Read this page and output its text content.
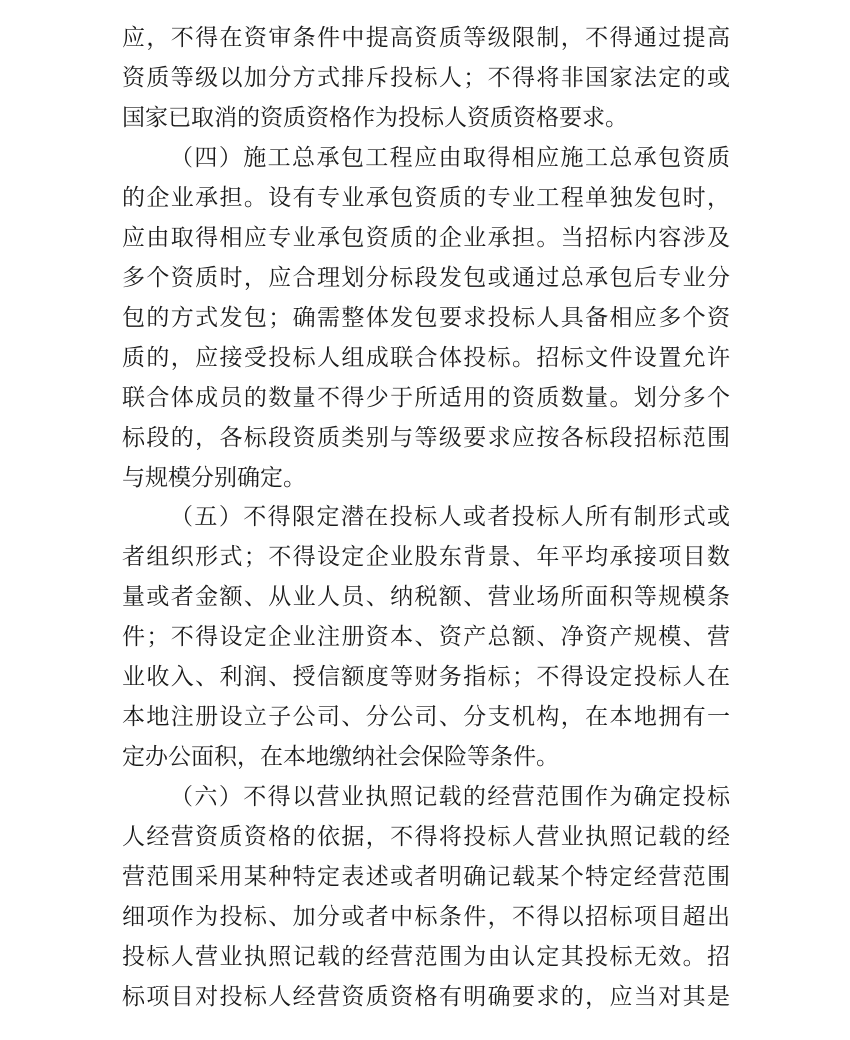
应，不得在资审条件中提高资质等级限制，不得通过提高
资质等级以加分方式排斥投标人；不得将非国家法定的或
国家已取消的资质资格作为投标人资质资格要求。
（四）施工总承包工程应由取得相应施工总承包资质
的企业承担。设有专业承包资质的专业工程单独发包时，
应由取得相应专业承包资质的企业承担。当招标内容涉及
多个资质时，应合理划分标段发包或通过总承包后专业分
包的方式发包；确需整体发包要求投标人具备相应多个资
质的，应接受投标人组成联合体投标。招标文件设置允许
联合体成员的数量不得少于所适用的资质数量。划分多个
标段的，各标段资质类别与等级要求应按各标段招标范围
与规模分别确定。
（五）不得限定潜在投标人或者投标人所有制形式或
者组织形式；不得设定企业股东背景、年平均承接项目数
量或者金额、从业人员、纳税额、营业场所面积等规模条
件；不得设定企业注册资本、资产总额、净资产规模、营
业收入、利润、授信额度等财务指标；不得设定投标人在
本地注册设立子公司、分公司、分支机构，在本地拥有一
定办公面积，在本地缴纳社会保险等条件。
（六）不得以营业执照记载的经营范围作为确定投标
人经营资质资格的依据，不得将投标人营业执照记载的经
营范围采用某种特定表述或者明确记载某个特定经营范围
细项作为投标、加分或者中标条件，不得以招标项目超出
投标人营业执照记载的经营范围为由认定其投标无效。招
标项目对投标人经营资质资格有明确要求的，应当对其是
